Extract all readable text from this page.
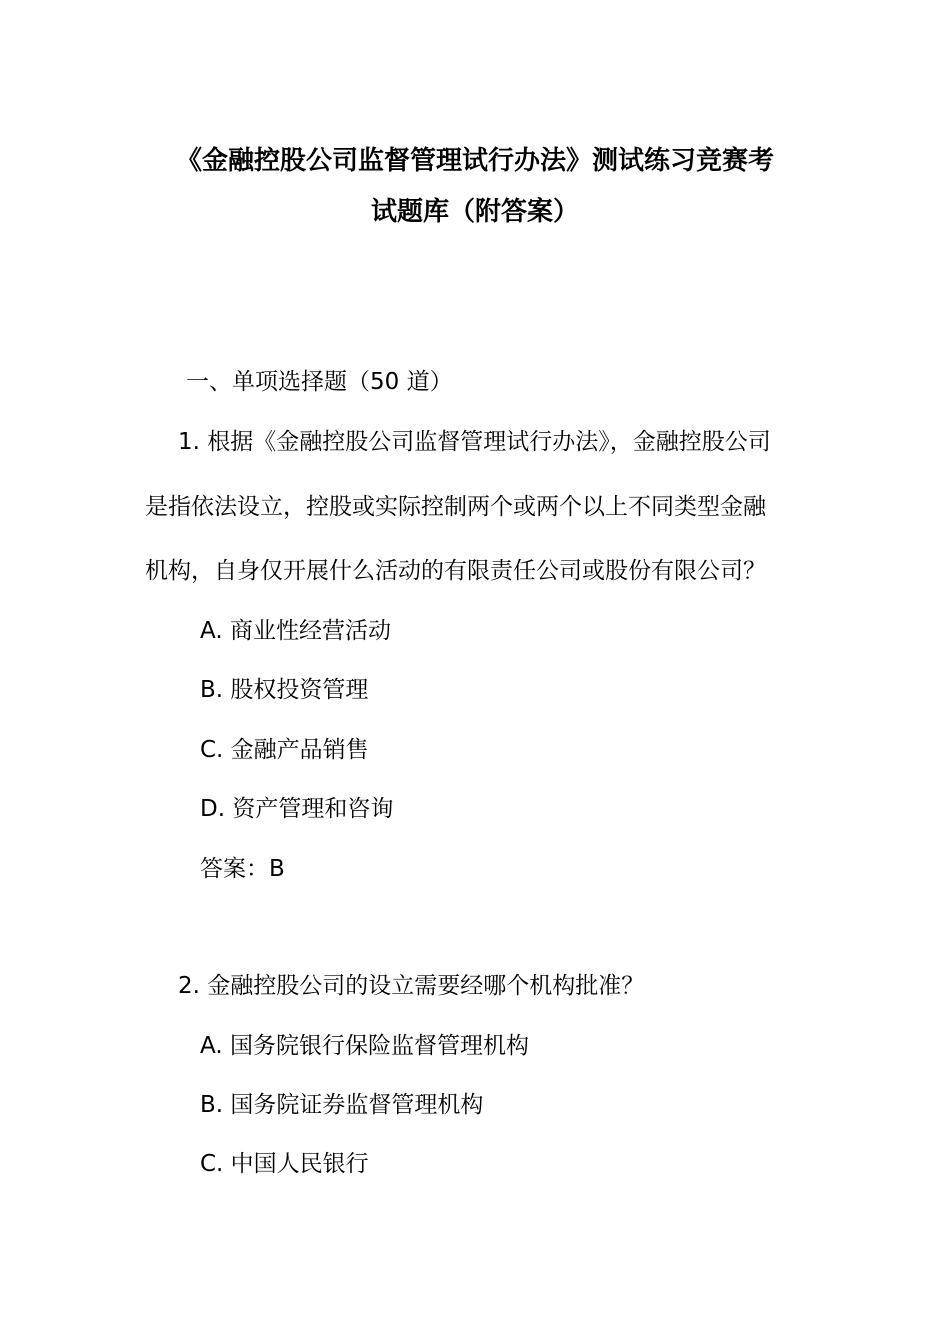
《金融控股公司监督管理试行办法》测试练习竞赛考
试题库（附答案）
一、单项选择题（50 道）
1. 根据《金融控股公司监督管理试行办法》，金融控股公司
是指依法设立，控股或实际控制两个或两个以上不同类型金融
机构，自身仅开展什么活动的有限责任公司或股份有限公司？
A. 商业性经营活动
B. 股权投资管理
C. 金融产品销售
D. 资产管理和咨询
答案：B
2. 金融控股公司的设立需要经哪个机构批准？
A. 国务院银行保险监督管理机构
B. 国务院证券监督管理机构
C. 中国人民银行
